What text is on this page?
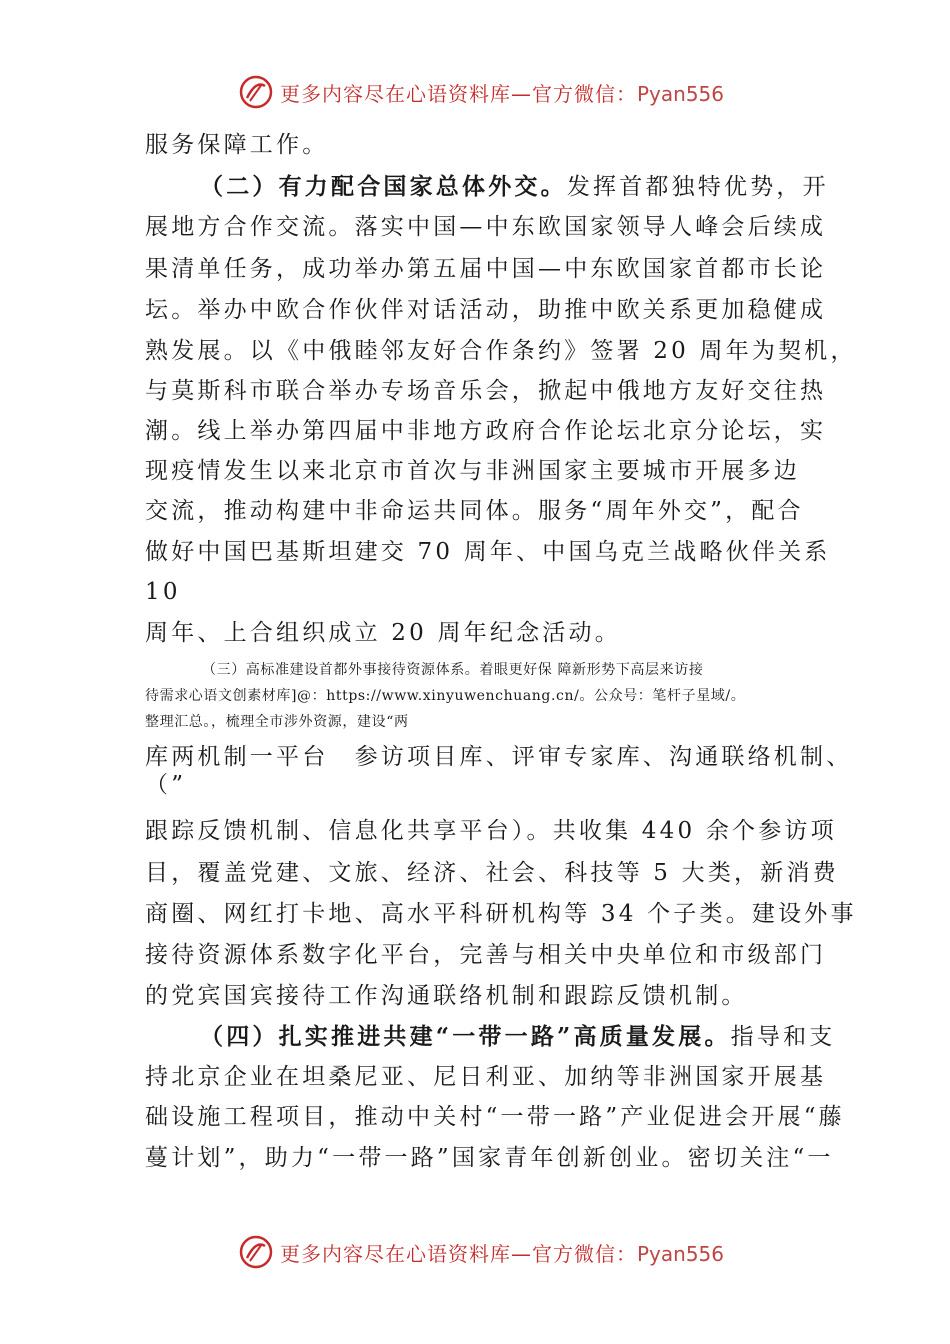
更多内容尽在心语资料库—官方微信：Pyan556
服务保障工作。
（二）有力配合国家总体外交。发挥首都独特优势，开
展地方合作交流。落实中国—中东欧国家领导人峰会后续成
果清单任务，成功举办第五届中国—中东欧国家首都市长论
坛。举办中欧合作伙伴对话活动，助推中欧关系更加稳健成
熟发展。以《中俄睦邻友好合作条约》签署 20 周年为契机，
与莫斯科市联合举办专场音乐会，掀起中俄地方友好交往热
潮。线上举办第四届中非地方政府合作论坛北京分论坛，实
现疫情发生以来北京市首次与非洲国家主要城市开展多边
交流，推动构建中非命运共同体。服务“周年外交”，配合
做好中国巴基斯坦建交 70 周年、中国乌克兰战略伙伴关系
10
周年、上合组织成立 20 周年纪念活动。
（三）高标准建设首都外事接待资源体系。着眼更好保 障新形势下高层来访接
待需求心语文创素材库]@：https://www.xinyuwenchuang.cn/。公众号：笔杆子星域/。
整理汇总。，梳理全市涉外资源，建设“两
库两机制一平台　参访项目库、评审专家库、沟通联络机制、
（”
跟踪反馈机制、信息化共享平台）。共收集 440 余个参访项
目，覆盖党建、文旅、经济、社会、科技等 5 大类，新消费
商圈、网红打卡地、高水平科研机构等 34 个子类。建设外事
接待资源体系数字化平台，完善与相关中央单位和市级部门
的党宾国宾接待工作沟通联络机制和跟踪反馈机制。
（四）扎实推进共建“一带一路”高质量发展。指导和支
持北京企业在坦桑尼亚、尼日利亚、加纳等非洲国家开展基
础设施工程项目，推动中关村“一带一路”产业促进会开展“藤
蔓计划”，助力“一带一路”国家青年创新创业。密切关注“一
更多内容尽在心语资料库—官方微信：Pyan556
